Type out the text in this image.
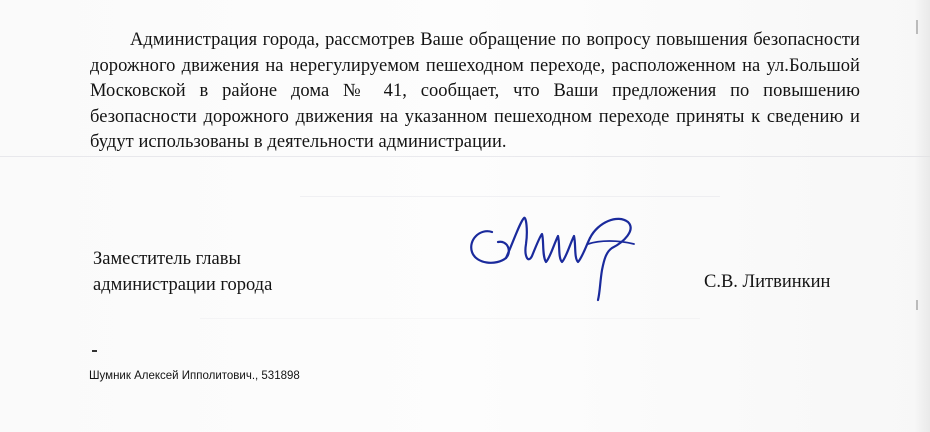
Администрация города, рассмотрев Ваше обращение по вопросу повышения безопасности дорожного движения на нерегулируемом пешеходном переходе, расположенном на ул.Большой Московской в районе дома № 41, сообщает, что Ваши предложения по повышению безопасности дорожного движения на указанном пешеходном переходе приняты к сведению и будут использованы в деятельности администрации.

Заместитель главы
администрации города	С.В. Литвинкин
Шумник Алексей Ипполитович., 531898
